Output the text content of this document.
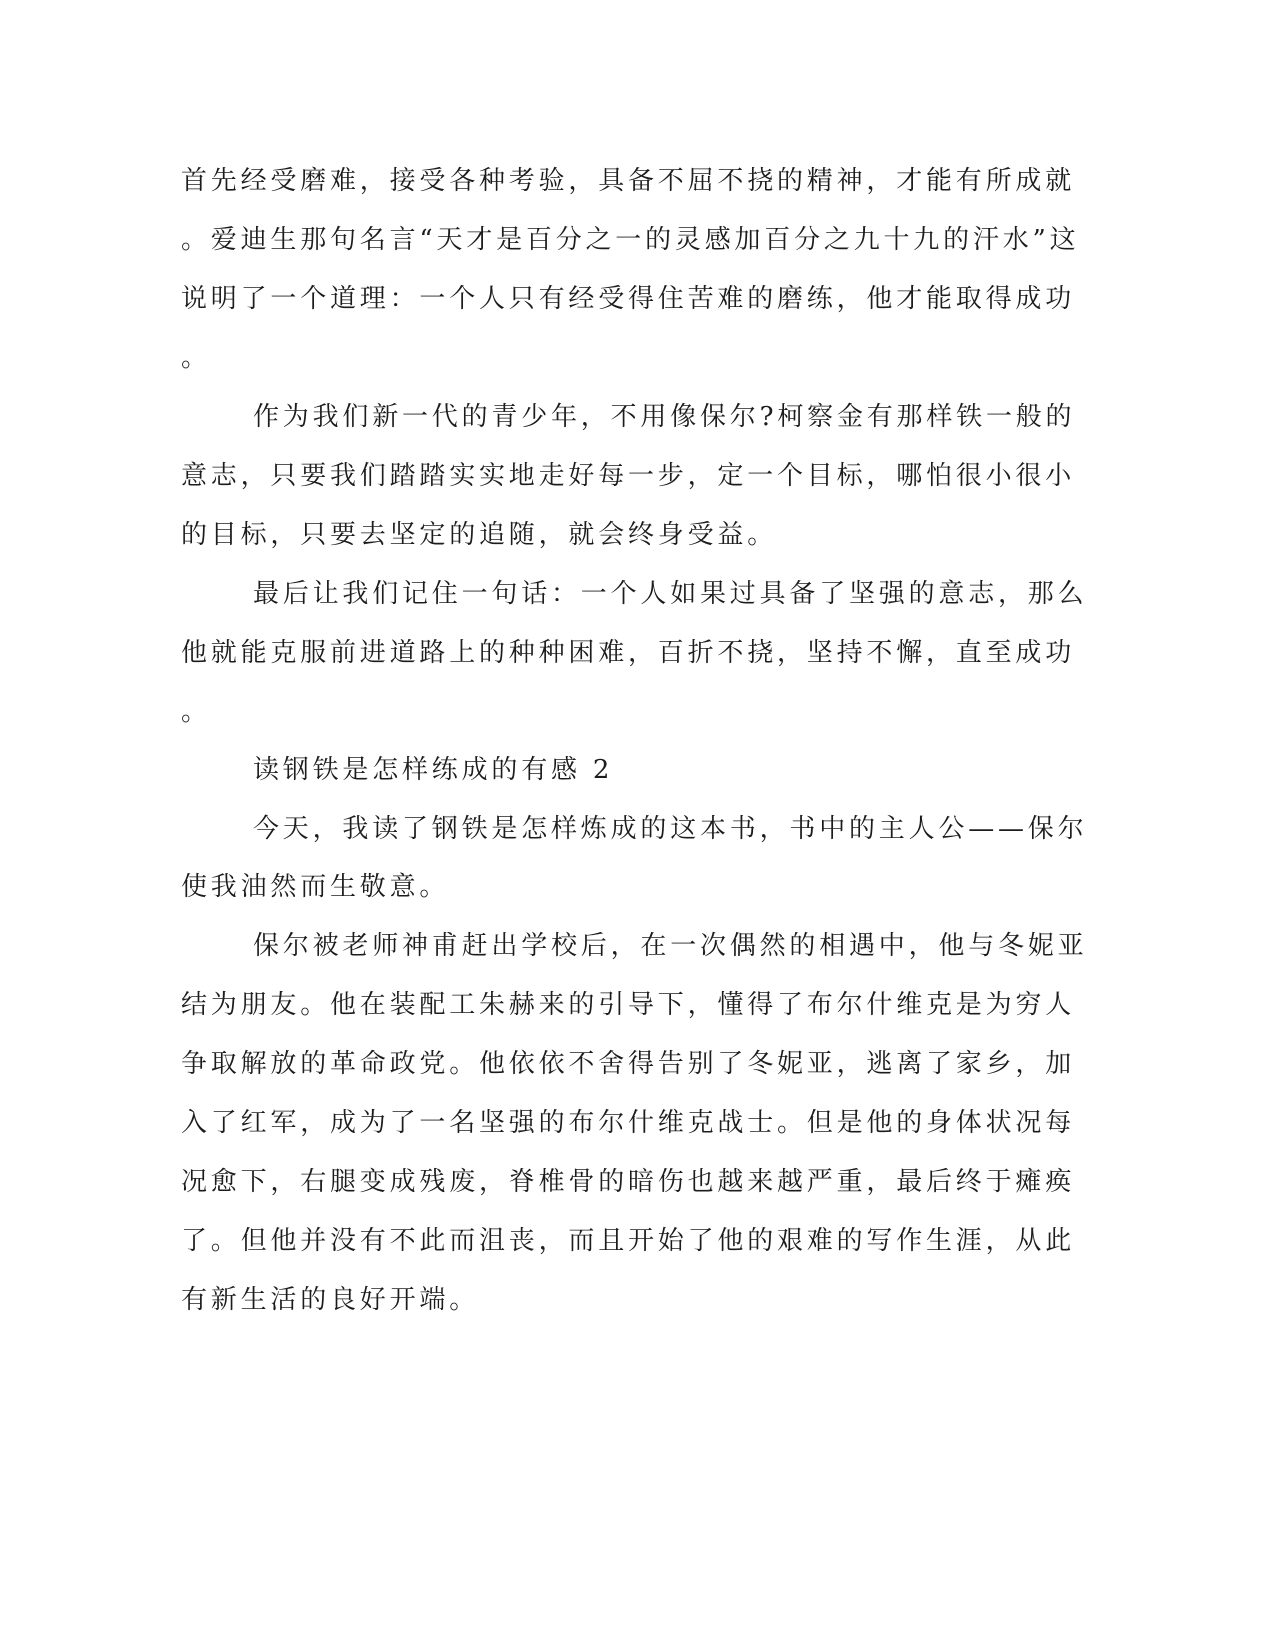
首先经受磨难，接受各种考验，具备不屈不挠的精神，才能有所成就
。爱迪生那句名言“天才是百分之一的灵感加百分之九十九的汗水”这
说明了一个道理：一个人只有经受得住苦难的磨练，他才能取得成功
。
作为我们新一代的青少年，不用像保尔?柯察金有那样铁一般的
意志，只要我们踏踏实实地走好每一步，定一个目标，哪怕很小很小
的目标，只要去坚定的追随，就会终身受益。
最后让我们记住一句话：一个人如果过具备了坚强的意志，那么
他就能克服前进道路上的种种困难，百折不挠，坚持不懈，直至成功
。
读钢铁是怎样练成的有感 2
今天，我读了钢铁是怎样炼成的这本书，书中的主人公——保尔
使我油然而生敬意。
保尔被老师神甫赶出学校后，在一次偶然的相遇中，他与冬妮亚
结为朋友。他在装配工朱赫来的引导下，懂得了布尔什维克是为穷人
争取解放的革命政党。他依依不舍得告别了冬妮亚，逃离了家乡，加
入了红军，成为了一名坚强的布尔什维克战士。但是他的身体状况每
况愈下，右腿变成残废，脊椎骨的暗伤也越来越严重，最后终于瘫痪
了。但他并没有不此而沮丧，而且开始了他的艰难的写作生涯，从此
有新生活的良好开端。
